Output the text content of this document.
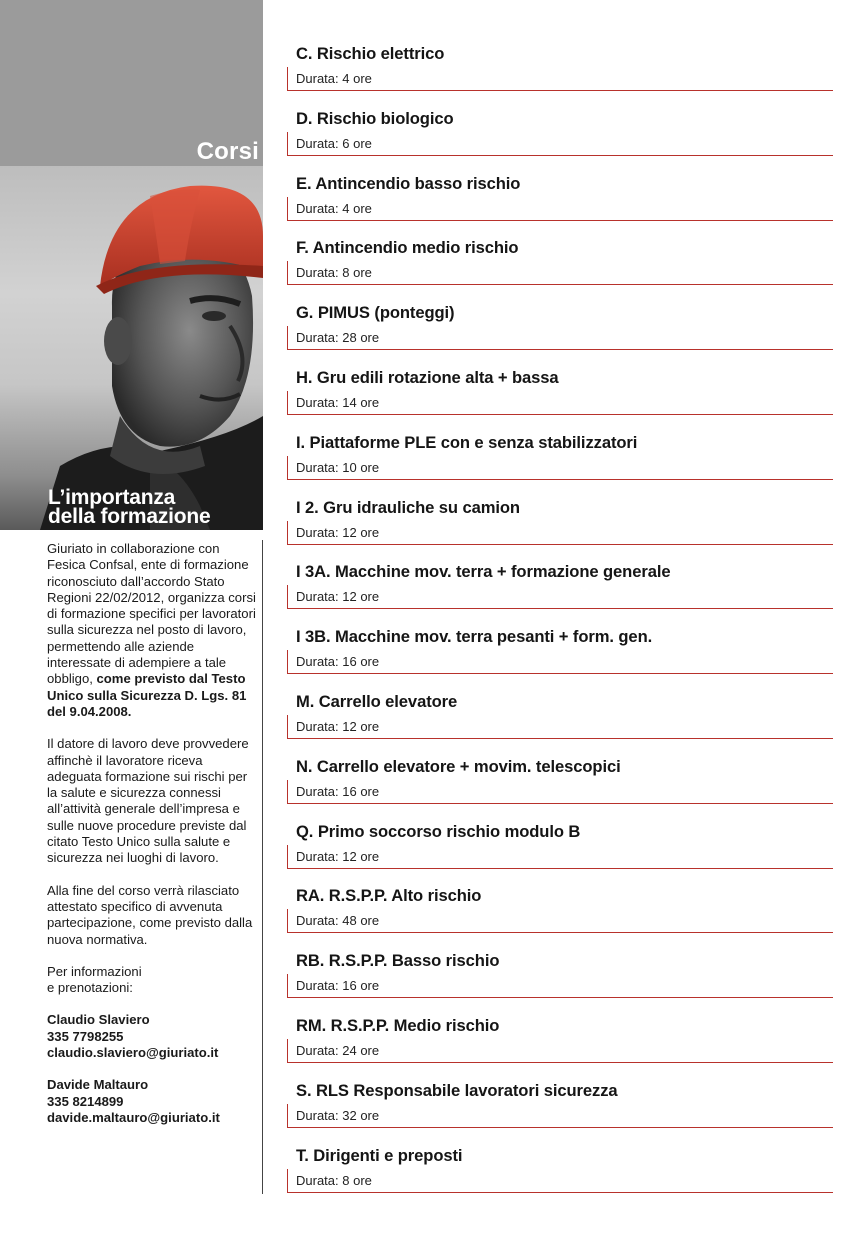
Corsi
L’importanza
della formazione

Giuriato in collaborazione con Fesica Confsal, ente di formazione riconosciuto dall’accordo Stato Regioni 22/02/2012, organizza corsi di formazione specifici per lavoratori sulla sicurezza nel posto di lavoro, permettendo alle aziende interessate di adempiere a tale obbligo, come previsto dal Testo Unico sulla Sicurezza D. Lgs. 81 del 9.04.2008.

Il datore di lavoro deve provvedere affinchè il lavoratore riceva adeguata formazione sui rischi per la salute e sicurezza connessi all’attività generale dell’impresa e sulle nuove procedure previste dal citato Testo Unico sulla salute e sicurezza nei luoghi di lavoro.

Alla fine del corso verrà rilasciato attestato specifico di avvenuta partecipazione, come previsto dalla nuova normativa.

Per informazioni
e prenotazioni:

Claudio Slaviero
335 7798255
claudio.slaviero@giuriato.it
Davide Maltauro
335 8214899
davide.maltauro@giuriato.it
C. Rischio elettrico
Durata: 4 ore
D. Rischio biologico
Durata: 6 ore
E. Antincendio basso rischio
Durata: 4 ore
F. Antincendio medio rischio
Durata: 8 ore
G. PIMUS (ponteggi)
Durata: 28 ore
H. Gru edili rotazione alta + bassa
Durata: 14 ore
I. Piattaforme PLE con e senza stabilizzatori
Durata: 10 ore
I 2. Gru idrauliche su camion
Durata: 12 ore
I 3A. Macchine mov. terra + formazione generale
Durata: 12 ore
I 3B. Macchine mov. terra pesanti + form. gen.
Durata: 16 ore
M. Carrello elevatore
Durata: 12 ore
N. Carrello elevatore + movim. telescopici
Durata: 16 ore
Q. Primo soccorso rischio modulo B
Durata: 12 ore
RA. R.S.P.P. Alto rischio
Durata: 48 ore
RB. R.S.P.P. Basso rischio
Durata: 16 ore
RM. R.S.P.P. Medio rischio
Durata: 24 ore
S. RLS Responsabile lavoratori sicurezza
Durata: 32 ore
T. Dirigenti e preposti
Durata: 8 ore
